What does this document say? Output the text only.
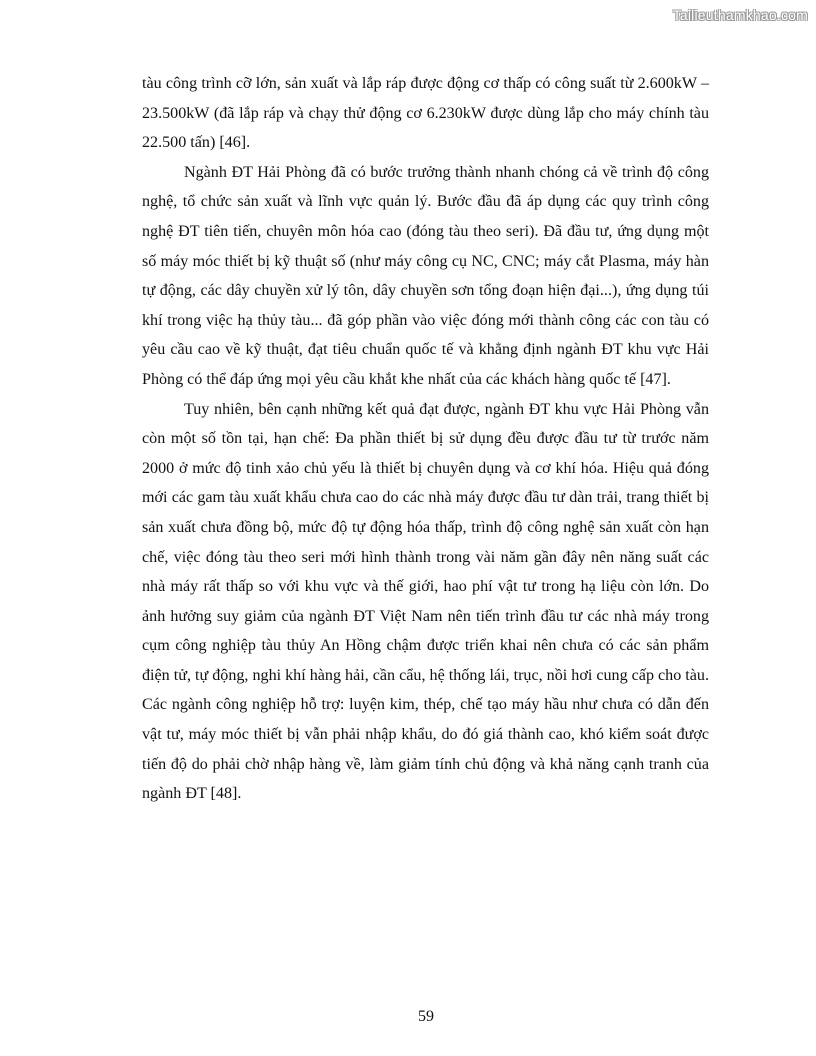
Tailieuthamkhao.com

tàu công trình cỡ lớn, sản xuất và lắp ráp được động cơ thấp có công suất từ 2.600kW – 23.500kW (đã lắp ráp và chạy thử động cơ 6.230kW được dùng lắp cho máy chính tàu 22.500 tấn) [46].

Ngành ĐT Hải Phòng đã có bước trưởng thành nhanh chóng cả về trình độ công nghệ, tổ chức sản xuất và lĩnh vực quản lý. Bước đầu đã áp dụng các quy trình công nghệ ĐT tiên tiến, chuyên môn hóa cao (đóng tàu theo seri). Đã đầu tư, ứng dụng một số máy móc thiết bị kỹ thuật số (như máy công cụ NC, CNC; máy cắt Plasma, máy hàn tự động, các dây chuyền xử lý tôn, dây chuyền sơn tổng đoạn hiện đại...), ứng dụng túi khí trong việc hạ thủy tàu... đã góp phần vào việc đóng mới thành công các con tàu có yêu cầu cao về kỹ thuật, đạt tiêu chuẩn quốc tế và khẳng định ngành ĐT khu vực Hải Phòng có thể đáp ứng mọi yêu cầu khắt khe nhất của các khách hàng quốc tế [47].

Tuy nhiên, bên cạnh những kết quả đạt được, ngành ĐT khu vực Hải Phòng vẫn còn một số tồn tại, hạn chế: Đa phần thiết bị sử dụng đều được đầu tư từ trước năm 2000 ở mức độ tinh xảo chủ yếu là thiết bị chuyên dụng và cơ khí hóa. Hiệu quả đóng mới các gam tàu xuất khẩu chưa cao do các nhà máy được đầu tư dàn trải, trang thiết bị sản xuất chưa đồng bộ, mức độ tự động hóa thấp, trình độ công nghệ sản xuất còn hạn chế, việc đóng tàu theo seri mới hình thành trong vài năm gần đây nên năng suất các nhà máy rất thấp so với khu vực và thế giới, hao phí vật tư trong hạ liệu còn lớn. Do ảnh hưởng suy giảm của ngành ĐT Việt Nam nên tiến trình đầu tư các nhà máy trong cụm công nghiệp tàu thủy An Hồng chậm được triển khai nên chưa có các sản phẩm điện tử, tự động, nghi khí hàng hải, cần cẩu, hệ thống lái, trục, nồi hơi cung cấp cho tàu. Các ngành công nghiệp hỗ trợ: luyện kim, thép, chế tạo máy hầu như chưa có dẫn đến vật tư, máy móc thiết bị vẫn phải nhập khẩu, do đó giá thành cao, khó kiểm soát được tiến độ do phải chờ nhập hàng về, làm giảm tính chủ động và khả năng cạnh tranh của ngành ĐT [48].

59
